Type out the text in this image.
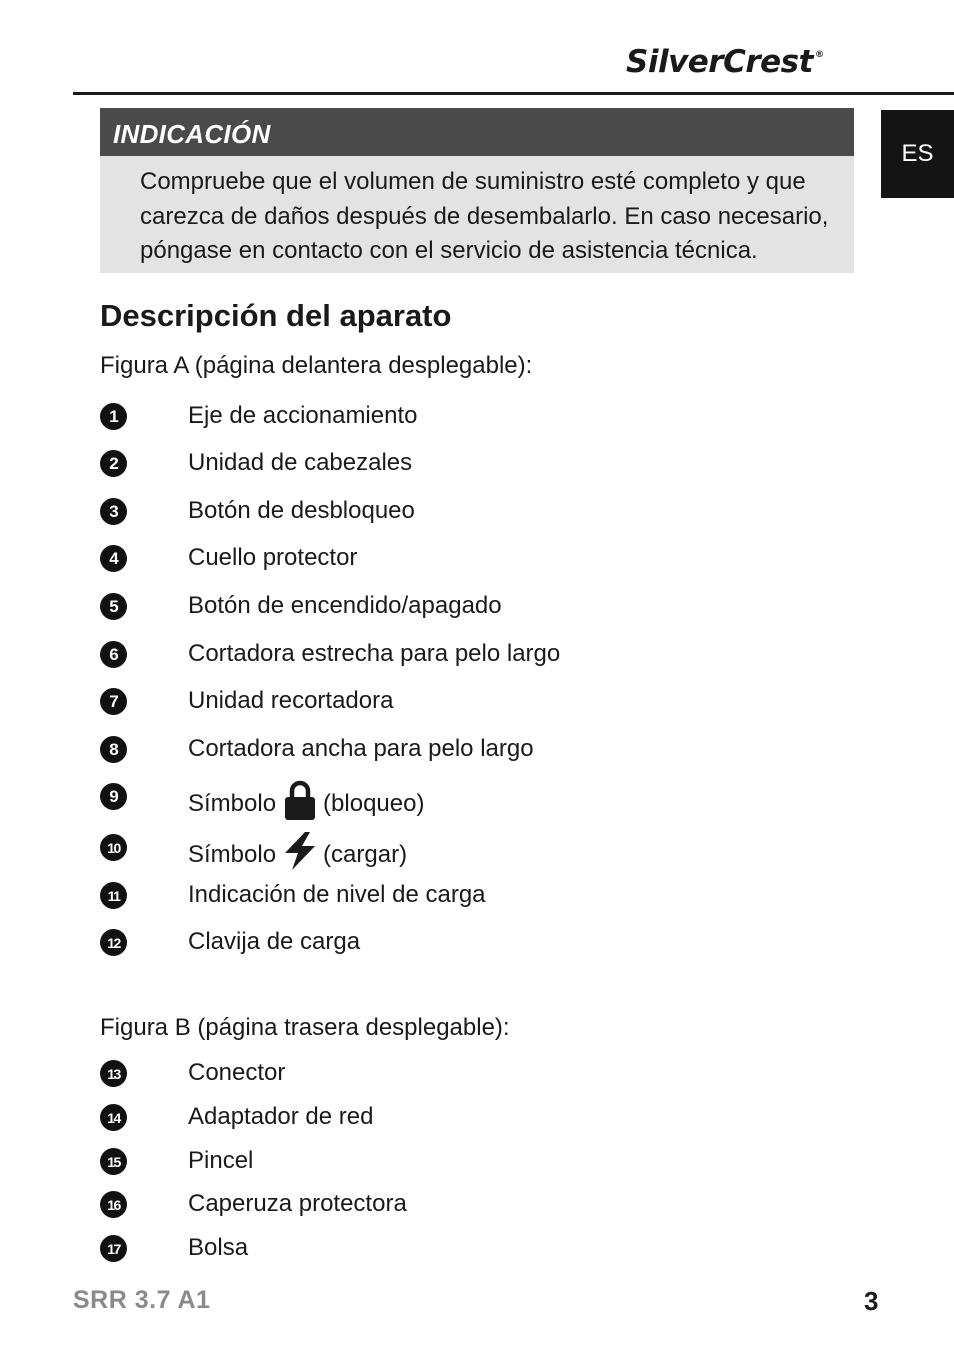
SilverCrest ®
ES
INDICACIÓN
Compruebe que el volumen de suministro esté completo y que carezca de daños después de desembalarlo. En caso necesario, póngase en contacto con el servicio de asistencia técnica.
Descripción del aparato
Figura A (página delantera desplegable):
1	Eje de accionamiento
2	Unidad de cabezales
3	Botón de desbloqueo
4	Cuello protector
5	Botón de encendido/apagado
6	Cortadora estrecha para pelo largo
7	Unidad recortadora
8	Cortadora ancha para pelo largo
9	Símbolo (bloqueo)
10	Símbolo (cargar)
11	Indicación de nivel de carga
12	Clavija de carga
Figura B (página trasera desplegable):
13	Conector
14	Adaptador de red
15	Pincel
16	Caperuza protectora
17	Bolsa
SRR 3.7 A1	3
